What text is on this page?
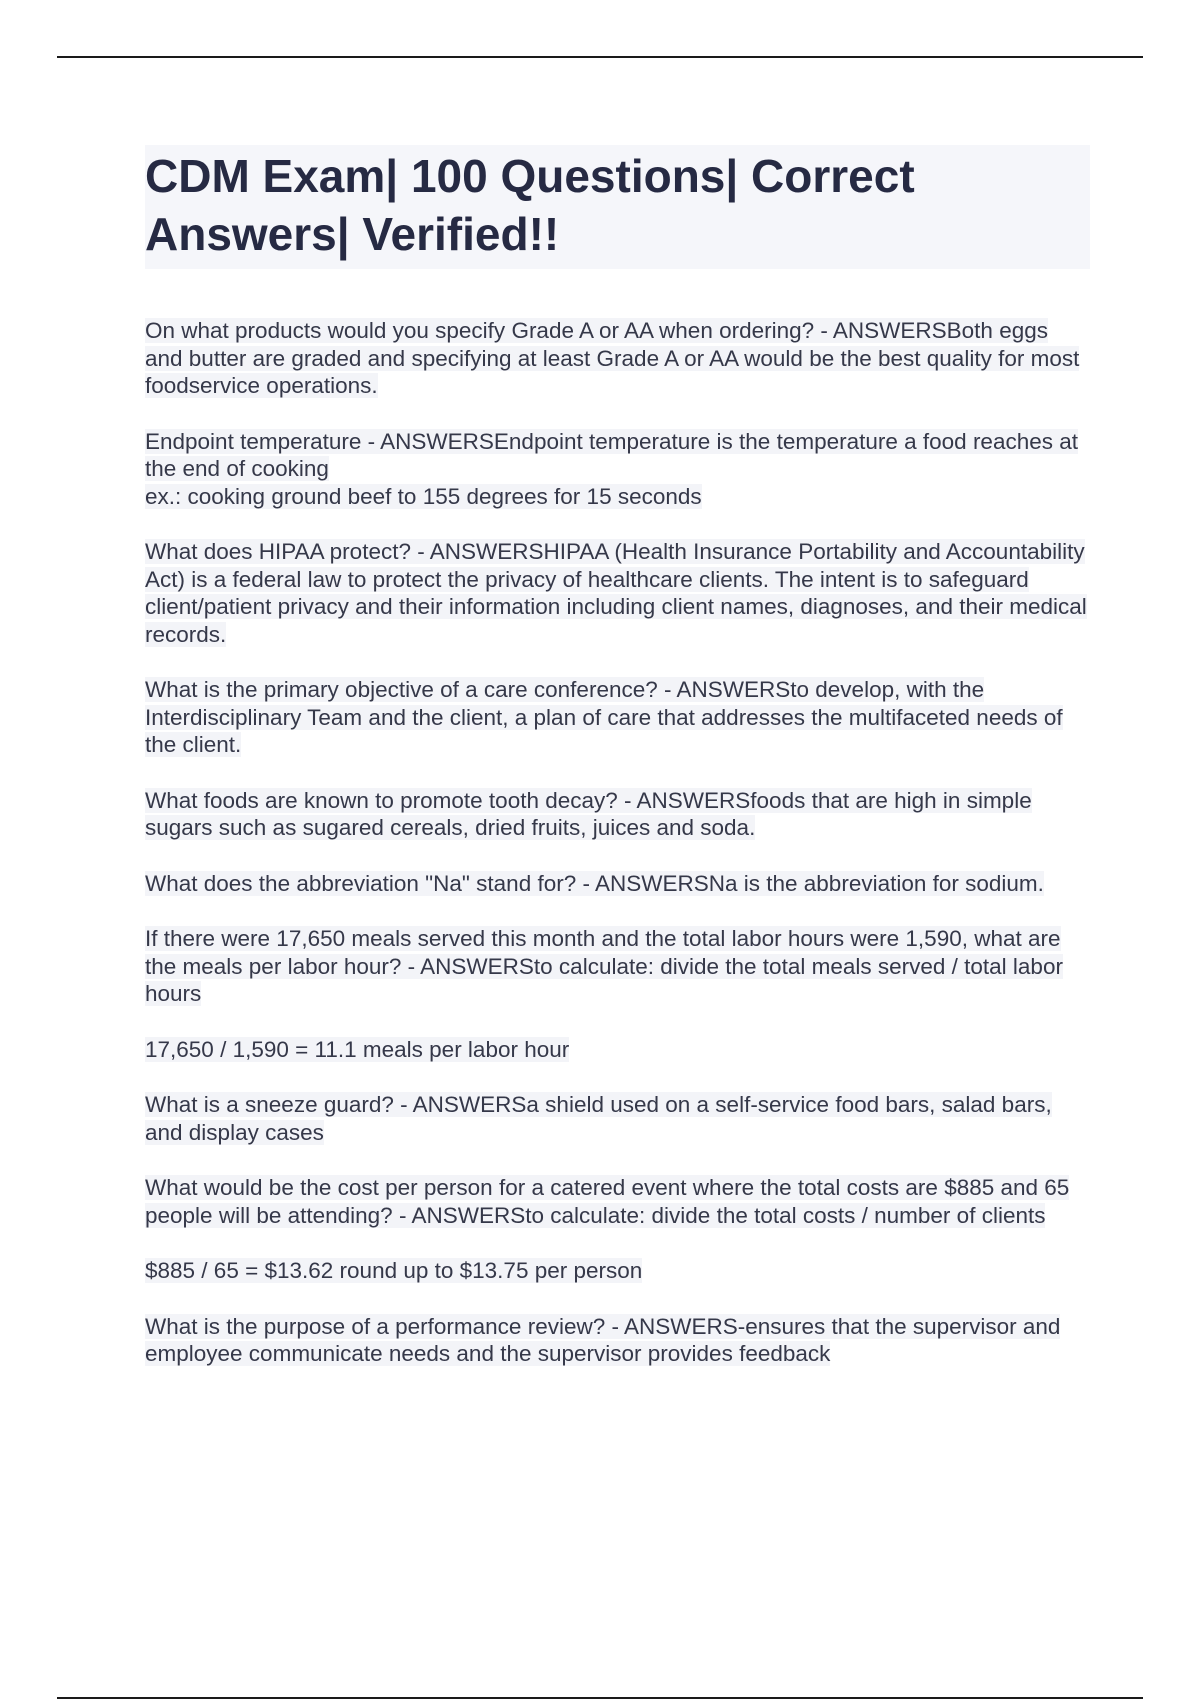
CDM Exam| 100 Questions| Correct Answers| Verified!!

On what products would you specify Grade A or AA when ordering? - ANSWERSBoth eggs and butter are graded and specifying at least Grade A or AA would be the best quality for most foodservice operations.

Endpoint temperature - ANSWERSEndpoint temperature is the temperature a food reaches at the end of cooking
ex.: cooking ground beef to 155 degrees for 15 seconds

What does HIPAA protect? - ANSWERSHIPAA (Health Insurance Portability and Accountability Act) is a federal law to protect the privacy of healthcare clients. The intent is to safeguard client/patient privacy and their information including client names, diagnoses, and their medical records.

What is the primary objective of a care conference? - ANSWERSto develop, with the Interdisciplinary Team and the client, a plan of care that addresses the multifaceted needs of the client.

What foods are known to promote tooth decay? - ANSWERSfoods that are high in simple sugars such as sugared cereals, dried fruits, juices and soda.

What does the abbreviation "Na" stand for? - ANSWERSNa is the abbreviation for sodium.

If there were 17,650 meals served this month and the total labor hours were 1,590, what are the meals per labor hour? - ANSWERSto calculate: divide the total meals served / total labor hours

17,650 / 1,590 = 11.1 meals per labor hour

What is a sneeze guard? - ANSWERSa shield used on a self-service food bars, salad bars, and display cases

What would be the cost per person for a catered event where the total costs are $885 and 65 people will be attending? - ANSWERSto calculate: divide the total costs / number of clients

$885 / 65 = $13.62 round up to $13.75 per person

What is the purpose of a performance review? - ANSWERS-ensures that the supervisor and employee communicate needs and the supervisor provides feedback
